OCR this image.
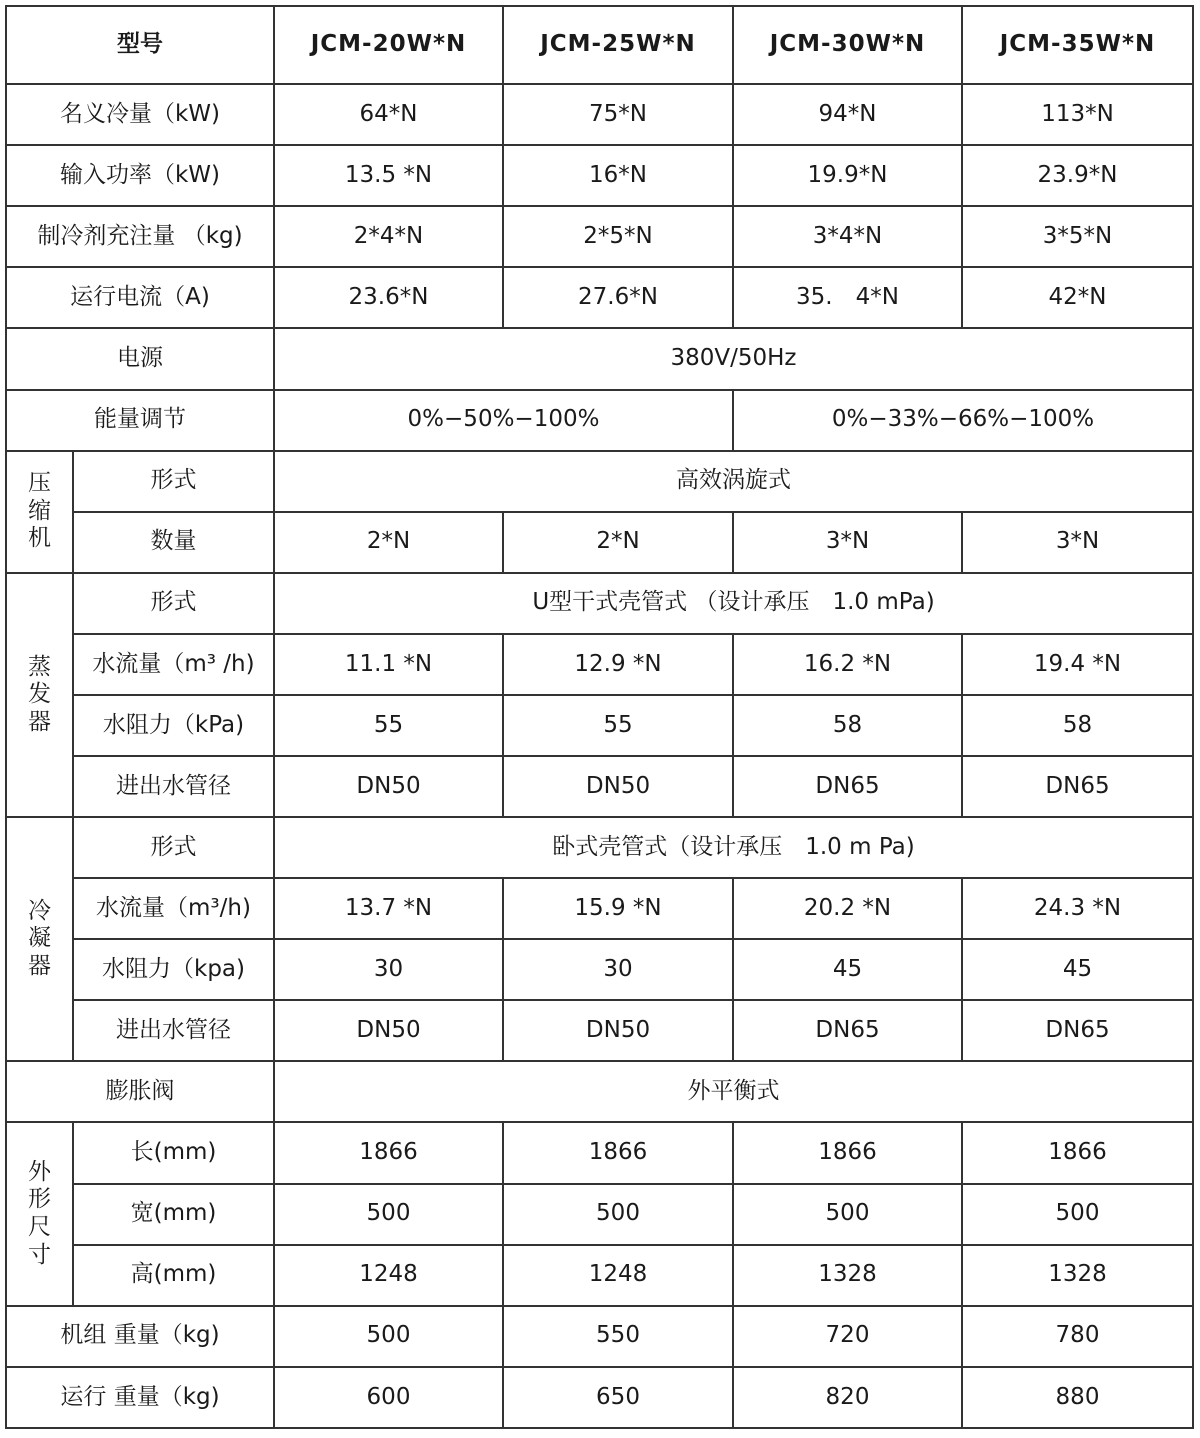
型号		JCM-20W*N	JCM-25W*N	JCM-30W*N	JCM-35W*N
名义冷量（kW)		64*N	75*N	94*N	113*N
输入功率（kW)		13.5 *N	16*N	19.9*N	23.9*N
制冷剂充注量 （kg)		2*4*N	2*5*N	3*4*N	3*5*N
运行电流（A)		23.6*N	27.6*N	35.　4*N	42*N
电源		380V/50Hz			
能量调节		0%−50%−100%		0%−33%−66%−100%	

压
缩
机	形式	高效涡旋式			
	数量	2*N	2*N	3*N	3*N

蒸
发
器	形式	U型干式壳管式 （设计承压　1.0 mPa)			
	水流量（m³ /h)	11.1 *N	12.9 *N	16.2 *N	19.4 *N
	水阻力（kPa)	55	55	58	58
	进出水管径	DN50	DN50	DN65	DN65

冷
凝
器	形式	卧式壳管式（设计承压　1.0 m Pa)			
	水流量（m³/h)	13.7 *N	15.9 *N	20.2 *N	24.3 *N
	水阻力（kpa)	30	30	45	45
	进出水管径	DN50	DN50	DN65	DN65
膨胀阀		外平衡式			

外
形
尺
寸	长(mm)	1866	1866	1866	1866
	宽(mm)	500	500	500	500
	高(mm)	1248	1248	1328	1328
机组 重量（kg)		500	550	720	780
运行 重量（kg)		600	650	820	880
